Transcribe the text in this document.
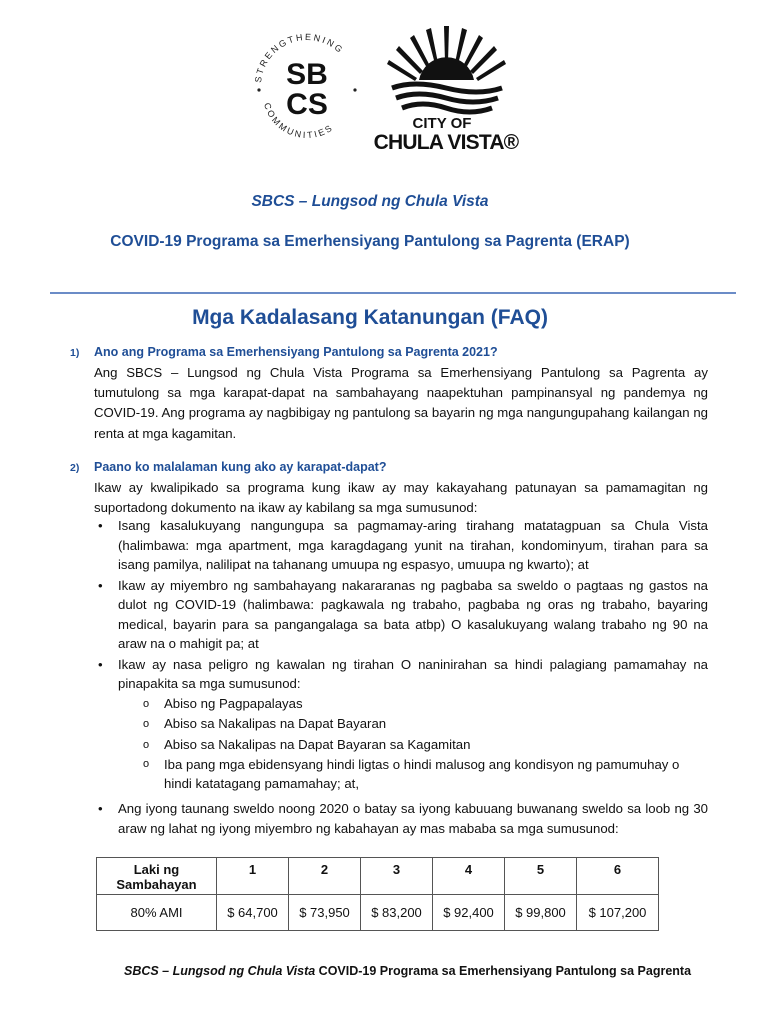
STRENGTHENING
COMMUNITIES
SB
CS
CITY OF
CHULA VISTA®
SBCS – Lungsod ng Chula Vista
COVID-19 Programa sa Emerhensiyang Pantulong sa Pagrenta (ERAP)
Mga Kadalasang Katanungan (FAQ)
1) Ano ang Programa sa Emerhensiyang Pantulong sa Pagrenta 2021?
Ang SBCS – Lungsod ng Chula Vista Programa sa Emerhensiyang Pantulong sa Pagrenta ay tumutulong sa mga karapat-dapat na sambahayang naapektuhan pampinansyal ng pandemya ng COVID-19. Ang programa ay nagbibigay ng pantulong sa bayarin ng mga nangungupahang kailangan ng renta at mga kagamitan.
2) Paano ko malalaman kung ako ay karapat-dapat?
Ikaw ay kwalipikado sa programa kung ikaw ay may kakayahang patunayan sa pamamagitan ng suportadong dokumento na ikaw ay kabilang sa mga sumusunod:
• Isang kasalukuyang nangungupa sa pagmamay-aring tirahang matatagpuan sa Chula Vista (halimbawa: mga apartment, mga karagdagang yunit na tirahan, kondominyum, tirahan para sa isang pamilya, nalilipat na tahanang umuupa ng espasyo, umuupa ng kwarto); at
• Ikaw ay miyembro ng sambahayang nakararanas ng pagbaba sa sweldo o pagtaas ng gastos na dulot ng COVID-19 (halimbawa: pagkawala ng trabaho, pagbaba ng oras ng trabaho, bayaring medical, bayarin para sa pangangalaga sa bata atbp) O kasalukuyang walang trabaho ng 90 na araw na o mahigit pa; at
• Ikaw ay nasa peligro ng kawalan ng tirahan O naninirahan sa hindi palagiang pamamahay na pinapakita sa mga sumusunod:
o Abiso ng Pagpapalayas
o Abiso sa Nakalipas na Dapat Bayaran
o Abiso sa Nakalipas na Dapat Bayaran sa Kagamitan
o Iba pang mga ebidensyang hindi ligtas o hindi malusog ang kondisyon ng pamumuhay o hindi katatagang pamamahay; at,
• Ang iyong taunang sweldo noong 2020 o batay sa iyong kabuuang buwanang sweldo sa loob ng 30 araw ng lahat ng iyong miyembro ng kabahayan ay mas mababa sa mga sumusunod:
Laki ng Sambahayan	1	2	3	4	5	6
80% AMI	$ 64,700	$ 73,950	$ 83,200	$ 92,400	$ 99,800	$ 107,200
SBCS – Lungsod ng Chula Vista COVID-19 Programa sa Emerhensiyang Pantulong sa Pagrenta
